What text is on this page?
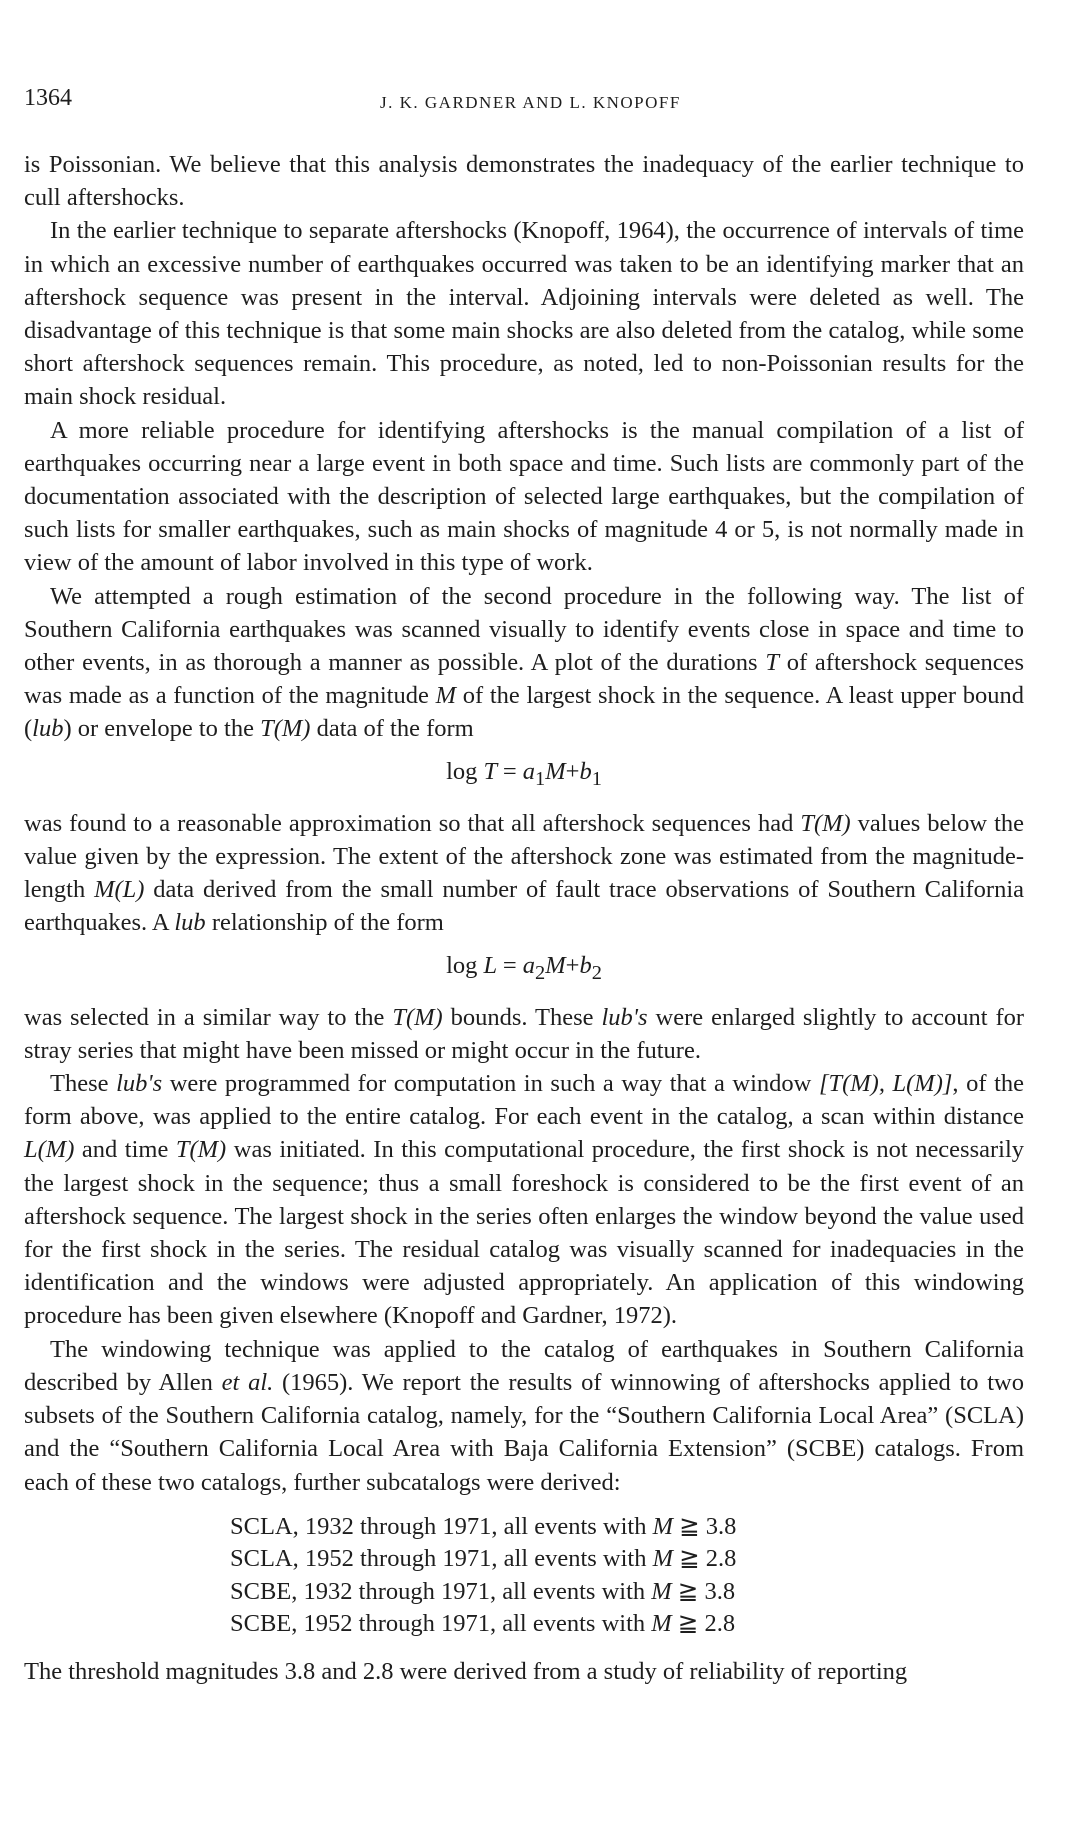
1364	J. K. GARDNER AND L. KNOPOFF

is Poissonian. We believe that this analysis demonstrates the inadequacy of the earlier technique to cull aftershocks.

In the earlier technique to separate aftershocks (Knopoff, 1964), the occurrence of intervals of time in which an excessive number of earthquakes occurred was taken to be an identifying marker that an aftershock sequence was present in the interval. Adjoining intervals were deleted as well. The disadvantage of this technique is that some main shocks are also deleted from the catalog, while some short aftershock sequences remain. This procedure, as noted, led to non-Poissonian results for the main shock residual.

A more reliable procedure for identifying aftershocks is the manual compilation of a list of earthquakes occurring near a large event in both space and time. Such lists are commonly part of the documentation associated with the description of selected large earthquakes, but the compilation of such lists for smaller earthquakes, such as main shocks of magnitude 4 or 5, is not normally made in view of the amount of labor involved in this type of work.

We attempted a rough estimation of the second procedure in the following way. The list of Southern California earthquakes was scanned visually to identify events close in space and time to other events, in as thorough a manner as possible. A plot of the durations T of aftershock sequences was made as a function of the magnitude M of the largest shock in the sequence. A least upper bound (lub) or envelope to the T(M) data of the form

$\log T = a_1M+b_1$

was found to a reasonable approximation so that all aftershock sequences had T(M) values below the value given by the expression. The extent of the aftershock zone was estimated from the magnitude-length M(L) data derived from the small number of fault trace observations of Southern California earthquakes. A lub relationship of the form

$\log L = a_2M+b_2$

was selected in a similar way to the T(M) bounds. These lub's were enlarged slightly to account for stray series that might have been missed or might occur in the future.

These lub's were programmed for computation in such a way that a window [T(M), L(M)], of the form above, was applied to the entire catalog. For each event in the catalog, a scan within distance L(M) and time T(M) was initiated. In this computational procedure, the first shock is not necessarily the largest shock in the sequence; thus a small foreshock is considered to be the first event of an aftershock sequence. The largest shock in the series often enlarges the window beyond the value used for the first shock in the series. The residual catalog was visually scanned for inadequacies in the identification and the windows were adjusted appropriately. An application of this windowing procedure has been given elsewhere (Knopoff and Gardner, 1972).

The windowing technique was applied to the catalog of earthquakes in Southern California described by Allen et al. (1965). We report the results of winnowing of aftershocks applied to two subsets of the Southern California catalog, namely, for the “Southern California Local Area” (SCLA) and the “Southern California Local Area with Baja California Extension” (SCBE) catalogs. From each of these two catalogs, further subcatalogs were derived:

SCLA, 1932 through 1971, all events with M ≧ 3.8
SCLA, 1952 through 1971, all events with M ≧ 2.8
SCBE, 1932 through 1971, all events with M ≧ 3.8
SCBE, 1952 through 1971, all events with M ≧ 2.8

The threshold magnitudes 3.8 and 2.8 were derived from a study of reliability of reporting
